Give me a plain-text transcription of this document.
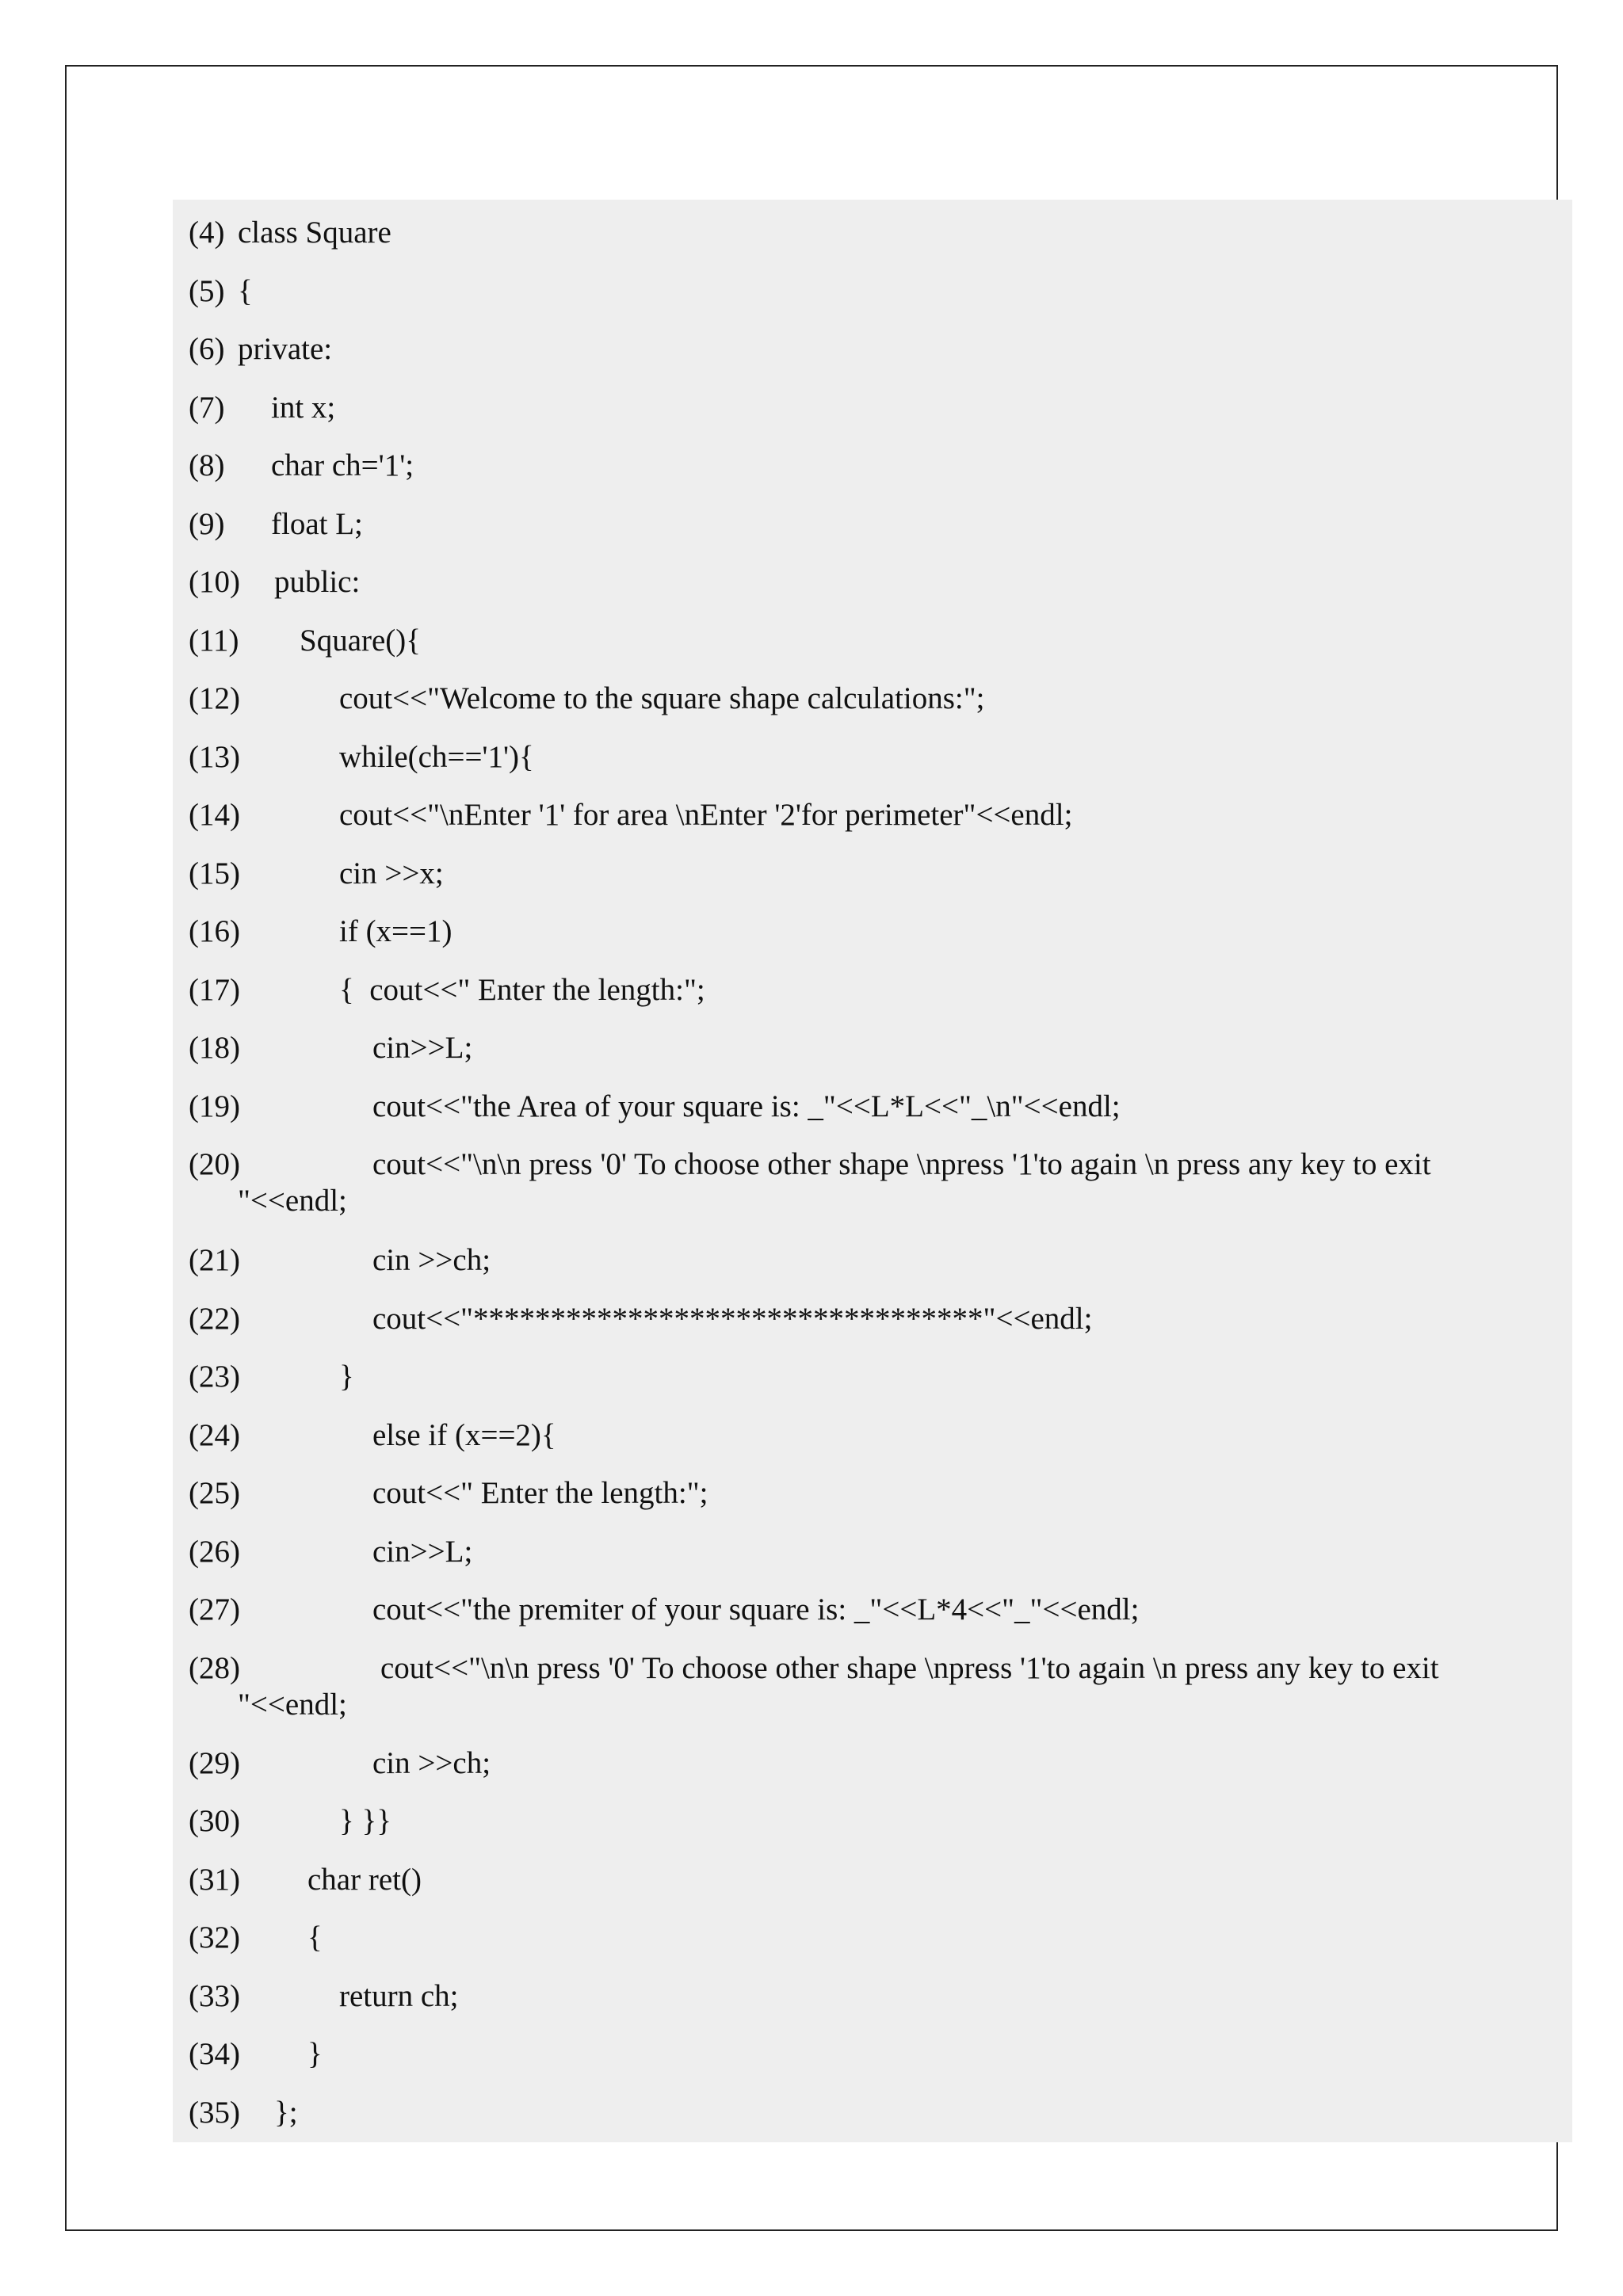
(4)

class Square

(5)

{

(6)

private:

(7)

int x;

(8)

char ch='1';

(9)

float L;

(10)

public:

(11)

Square(){

(12)

	cout<<"Welcome to the square shape calculations:";

(13)

	while(ch=='1'){

(14)

	cout<<"\nEnter '1' for area \nEnter '2'for perimeter"<<endl;

(15)

	cin >>x;

(16)

	if (x==1)

(17)

	{  cout<<" Enter the length:";

(18)

	cin>>L;

(19)

	cout<<"the Area of your square is: _"<<L*L<<"_\n"<<endl;

(20)

	cout<<"\n\n press '0' To choose other shape \npress '1'to again \n press any key to exit

"<<endl;

(21)

	cin >>ch;

(22)

	cout<<"*********************************"<<endl;

(23)

	}

(24)

	else if (x==2){

(25)

	cout<<" Enter the length:";

(26)

	cin>>L;

(27)

	cout<<"the premiter of your square is: _"<<L*4<<"_"<<endl;

(28)

	cout<<"\n\n press '0' To choose other shape \npress '1'to again \n press any key to exit

"<<endl;

(29)

	cin >>ch;

(30)

	} }}

(31)

char ret()

(32)

{

(33)

	return ch;

(34)

}

(35)

};
